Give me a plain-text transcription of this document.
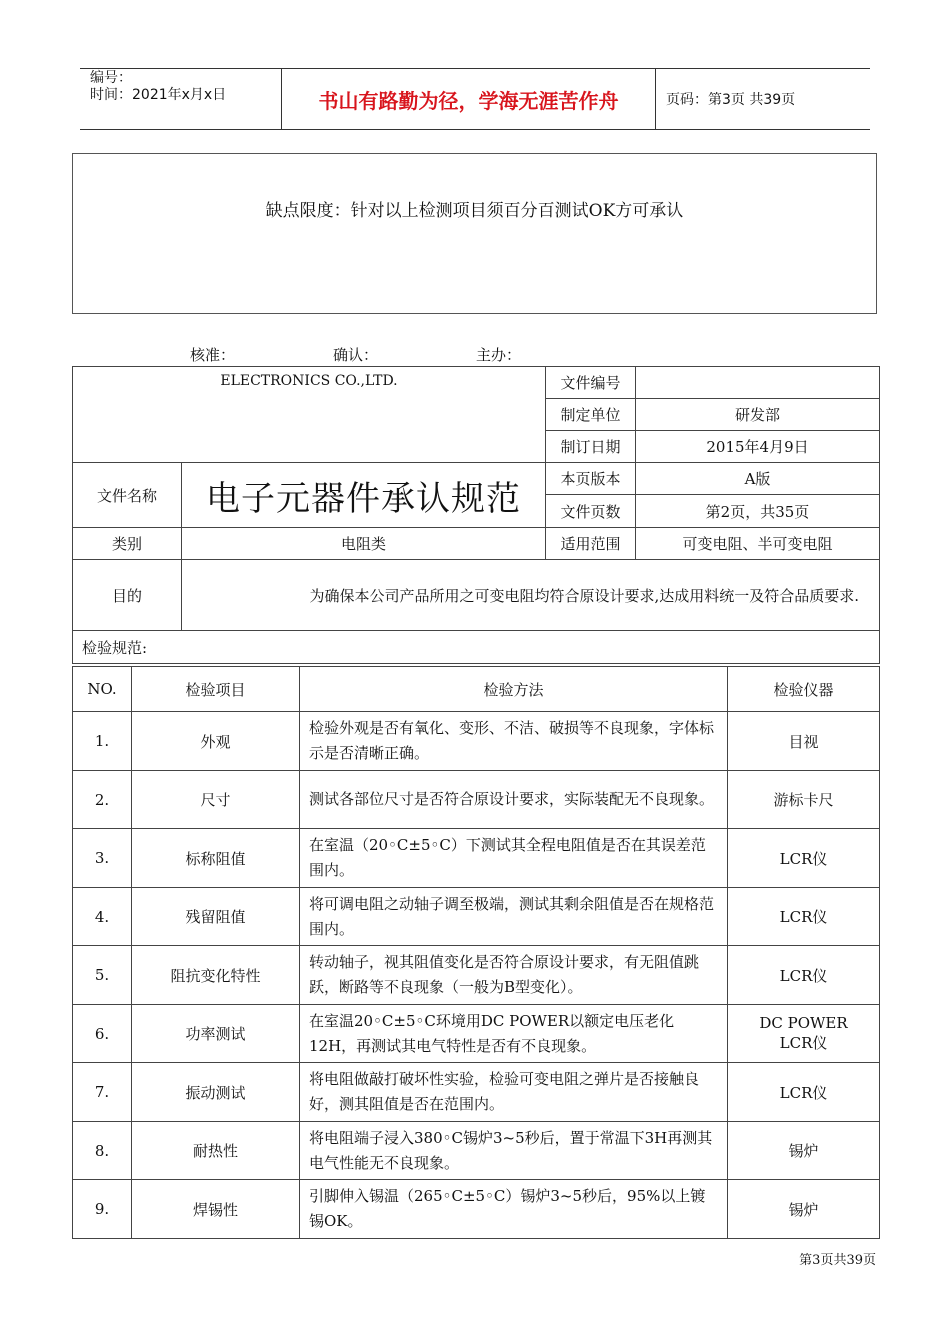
编号：
时间：2021年x月x日	书山有路勤为径，学海无涯苦作舟	页码：第3页 共39页
缺点限度：针对以上检测项目须百分百测试OK方可承认
核准：	确认：	主办：
ELECTRONICS CO.,LTD.		文件编号	
		制定单位	研发部
		制订日期	2015年4月9日
文件名称	电子元器件承认规范	本页版本	A版
		文件页数	第2页，共35页
类别	电阻类	适用范围	可变电阻、半可变电阻
目的	为确保本公司产品所用之可变电阻均符合原设计要求,达成用料统一及符合品质要求.		
检验规范:			
NO.	检验项目	检验方法	检验仪器
1.	外观	检验外观是否有氧化、变形、不洁、破损等不良现象，字体标示是否清晰正确。	目视
2.	尺寸	测试各部位尺寸是否符合原设计要求，实际装配无不良现象。	游标卡尺
3.	标称阻值	在室温（20◦C±5◦C）下测试其全程电阻值是否在其误差范围内。	LCR仪
4.	残留阻值	将可调电阻之动轴子调至极端，测试其剩余阻值是否在规格范围内。	LCR仪
5.	阻抗变化特性	转动轴子，视其阻值变化是否符合原设计要求，有无阻值跳跃，断路等不良现象（一般为B型变化）。	LCR仪
6.	功率测试	在室温20◦C±5◦C环境用DC POWER以额定电压老化12H，再测试其电气特性是否有不良现象。	DC POWER
LCR仪

7.	振动测试	将电阻做敲打破坏性实验，检验可变电阻之弹片是否接触良好，测其阻值是否在范围内。	LCR仪
8.	耐热性	将电阻端子浸入380◦C锡炉3~5秒后，置于常温下3H再测其电气性能无不良现象。	锡炉
9.	焊锡性	引脚伸入锡温（265◦C±5◦C）锡炉3~5秒后，95%以上镀锡OK。	锡炉
第3页共39页
